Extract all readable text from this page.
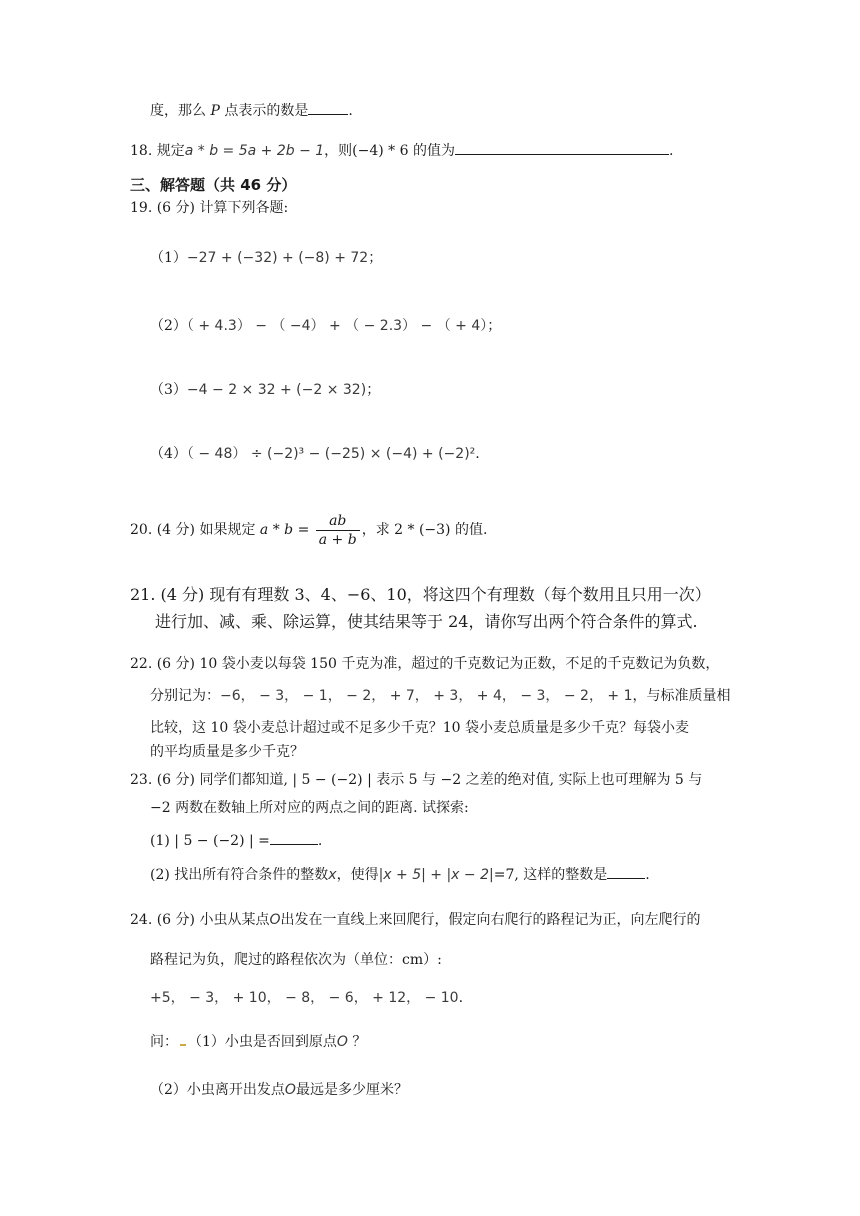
度，那么 P 点表示的数是	.
18. 规定a * b = 5a + 2b − 1，则(−4) * 6 的值为	.
三、解答题（共 46 分）
19. (6 分) 计算下列各题:
（1）−27 + (−32) + (−8) + 72；
（2）（ + 4.3） − （ −4） + （ − 2.3） − （ + 4）；
（3）−4 − 2 × 32 + (−2 × 32)；
（4）（ − 48） ÷ (−2)³ − (−25) × (−4) + (−2)².
20. (4 分) 如果规定 $a * b = \frac{ab}{a + b}$ ，求 2 * (−3) 的值.
21. (4 分) 现有有理数 3、4、−6、10，将这四个有理数（每个数用且只用一次）
进行加、减、乘、除运算，使其结果等于 24，请你写出两个符合条件的算式.
22. (6 分) 10 袋小麦以每袋 150 千克为准，超过的千克数记为正数，不足的千克数记为负数，
分别记为：−6， − 3， − 1， − 2， + 7， + 3， + 4， − 3， − 2， + 1，与标准质量相
比较，这 10 袋小麦总计超过或不足多少千克？10 袋小麦总质量是多少千克？每袋小麦
的平均质量是多少千克？
23. (6 分) 同学们都知道, | 5 − (−2) | 表示 5 与 −2 之差的绝对值, 实际上也可理解为 5 与
−2 两数在数轴上所对应的两点之间的距离. 试探索:
(1) | 5 − (−2) | =	.
(2) 找出所有符合条件的整数x，使得|x + 5| + |x − 2|=7, 这样的整数是	.
24. (6 分) 小虫从某点O出发在一直线上来回爬行，假定向右爬行的路程记为正，向左爬行的
路程记为负，爬过的路程依次为（单位：cm）:
+5， − 3， + 10， − 8， − 6， + 12， − 10.
问： （1）小虫是否回到原点O ？
（2）小虫离开出发点O最远是多少厘米？
